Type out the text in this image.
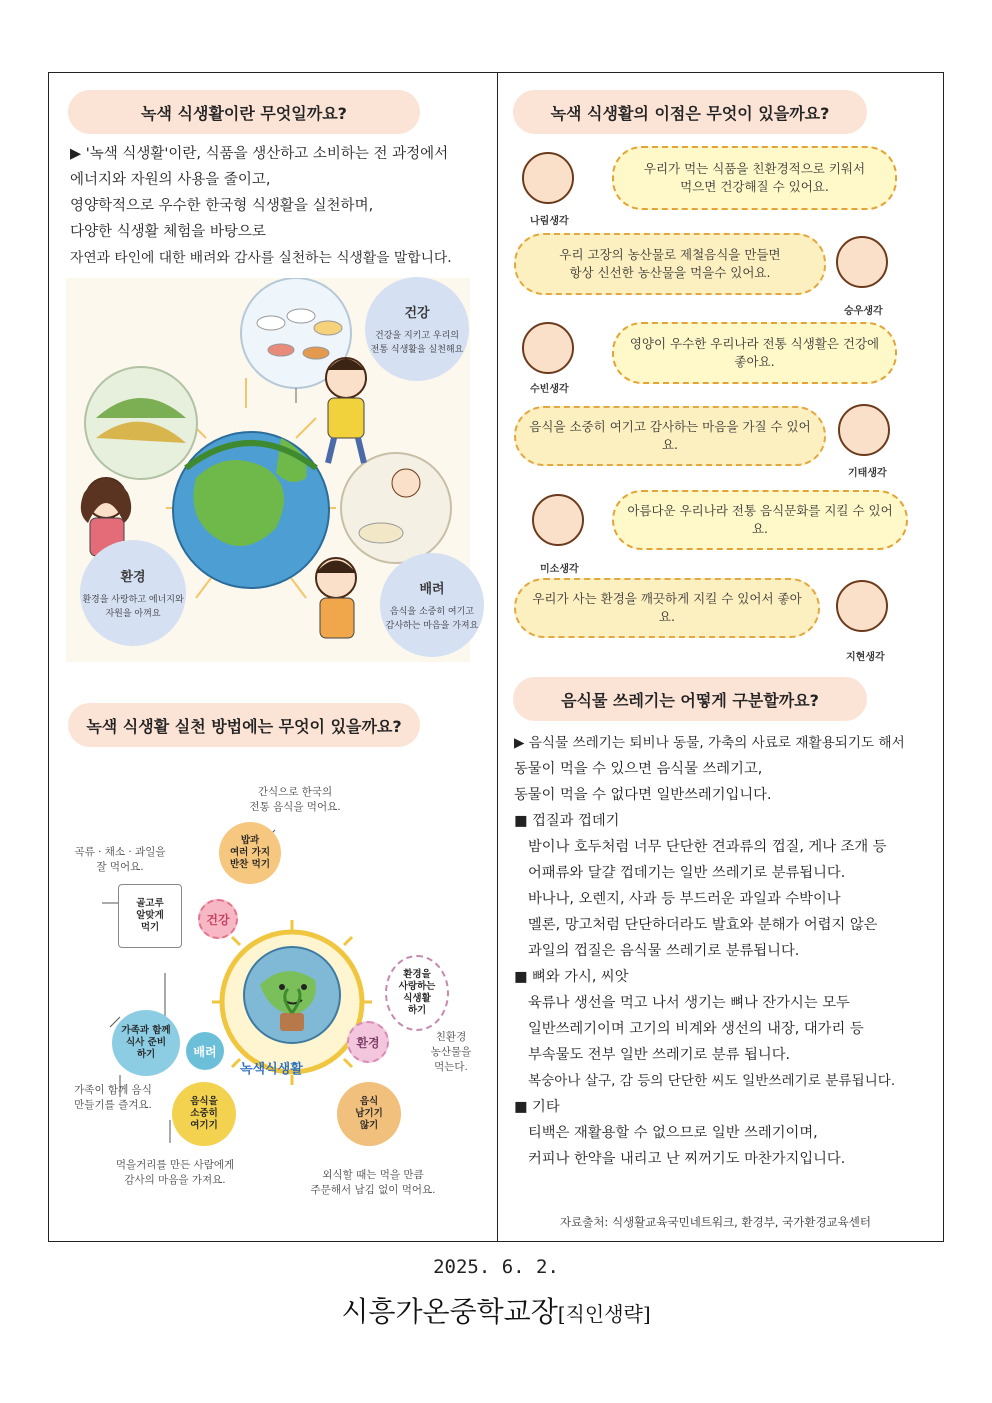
녹색 식생활이란 무엇일까요?
▶ '녹색 식생활'이란, 식품을 생산하고 소비하는 전 과정에서
에너지와 자원의 사용을 줄이고,
영양학적으로 우수한 한국형 식생활을 실천하며,
다양한 식생활 체험을 바탕으로
자연과 타인에 대한 배려와 감사를 실천하는 식생활을 말합니다.
건강
건강을 지키고 우리의
전통 식생활을 실천해요
환경
환경을 사랑하고 에너지와
자원을 아껴요
배려
음식을 소중히 여기고
감사하는 마음을 가져요
녹색 식생활 실천 방법에는 무엇이 있을까요?
녹색식생활
건강
환경
배려
밥과
여러 가지
반찬 먹기
골고루
알맞게
먹기
환경을
사랑하는
식생활
하기
가족과 함께
식사 준비
하기
음식을
소중히
여기기
음식
남기기
않기
간식으로 한국의
전통 음식을 먹어요.
곡류 · 채소 · 과일을
잘 먹어요.
친환경
농산물을
먹는다.
가족이 함께 음식
만들기를 즐겨요.
먹을거리를 만든 사람에게
감사의 마음을 가져요.	외식할 때는 먹을 만큼
주문해서 남김 없이 먹어요.
녹색 식생활의 이점은 무엇이 있을까요?
나림생각
우리가 먹는 식품을 친환경적으로 키워서
먹으면 건강해질 수 있어요.
우리 고장의 농산물로 제철음식을 만들면
항상 신선한 농산물을 먹을수 있어요.
승우생각
수빈생각
영양이 우수한 우리나라 전통 식생활은 건강에 좋아요.
음식을 소중히 여기고 감사하는 마음을 가질 수 있어요.
기태생각
미소생각
아름다운 우리나라 전통 음식문화를 지킬 수 있어요.
우리가 사는 환경을 깨끗하게 지킬 수 있어서 좋아요.
지현생각
음식물 쓰레기는 어떻게 구분할까요?
▶ 음식물 쓰레기는 퇴비나 동물, 가축의 사료로 재활용되기도 해서
동물이 먹을 수 있으면 음식물 쓰레기고,
동물이 먹을 수 없다면 일반쓰레기입니다.
■ 껍질과 껍데기
밤이나 호두처럼 너무 단단한 견과류의 껍질, 게나 조개 등
어패류와 달걀 껍데기는 일반 쓰레기로 분류됩니다.
바나나, 오렌지, 사과 등 부드러운 과일과 수박이나
멜론, 망고처럼 단단하더라도 발효와 분해가 어렵지 않은
과일의 껍질은 음식물 쓰레기로 분류됩니다.
■ 뼈와 가시, 씨앗
육류나 생선을 먹고 나서 생기는 뼈나 잔가시는 모두
일반쓰레기이며 고기의 비계와 생선의 내장, 대가리 등
부속물도 전부 일반 쓰레기로 분류 됩니다.
복숭아나 살구, 감 등의 단단한 씨도 일반쓰레기로 분류됩니다.
■ 기타
티백은 재활용할 수 없으므로 일반 쓰레기이며,
커피나 한약을 내리고 난 찌꺼기도 마찬가지입니다.
자료출처: 식생활교육국민네트워크, 환경부, 국가환경교육센터
2025. 6. 2.
시흥가온중학교장[직인생략]
